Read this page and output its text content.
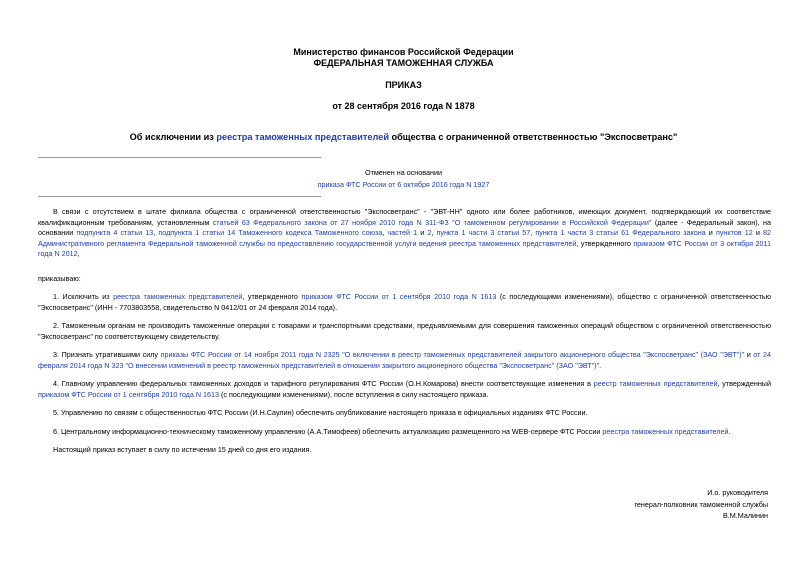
Министерство финансов Российской Федерации
ФЕДЕРАЛЬНАЯ ТАМОЖЕННАЯ СЛУЖБА
ПРИКАЗ
от 28 сентября 2016 года N 1878
Об исключении из реестра таможенных представителей общества с ограниченной ответственностью "Экспосветранс"
Отменен на основании
приказа ФТС России от 6 октября 2016 года N 1927

В связи с отсутствием в штате филиала общества с ограниченной ответственностью "Экспосветранс" - "ЭВТ-НН" одного или более работников, имеющих документ, подтверждающий их соответствие квалификационным требованиям, установленным статьей 63 Федерального закона от 27 ноября 2010 года N 311-ФЗ "О таможенном регулировании в Российской Федерации" (далее - Федеральный закон), на основании подпункта 4 статьи 13, подпункта 1 статьи 14 Таможенного кодекса Таможенного союза, частей 1 и 2, пункта 1 части 3 статьи 57, пункта 1 части 3 статьи 61 Федерального закона и пунктов 12 и 82 Административного регламента Федеральной таможенной службы по предоставлению государственной услуги ведения реестра таможенных представителей, утвержденного приказом ФТС России от 3 октября 2011 года N 2012,

приказываю:

1. Исключить из реестра таможенных представителей, утвержденного приказом ФТС России от 1 сентября 2010 года N 1613 (с последующими изменениями), общество с ограниченной ответственностью "Экспосветранс" (ИНН - 7703803558, свидетельство N 0412/01 от 24 февраля 2014 года).

2. Таможенным органам не производить таможенные операции с товарами и транспортными средствами, предъявляемыми для совершения таможенных операций обществом с ограниченной ответственностью "Экспосветранс" по соответствующему свидетельству.

3. Признать утратившими силу приказы ФТС России от 14 ноября 2011 года N 2325 "О включении в реестр таможенных представителей закрытого акционерного общества "Экспосветранс" (ЗАО "ЭВТ")" и от 24 февраля 2014 года N 323 "О внесении изменений в реестр таможенных представителей в отношении закрытого акционерного общества "Экспосветранс" (ЗАО "ЭВТ")".

4. Главному управлению федеральных таможенных доходов и тарифного регулирования ФТС России (О.Н.Комарова) внести соответствующие изменения в реестр таможенных представителей, утвержденный приказом ФТС России от 1 сентября 2010 года N 1613 (с последующими изменениями), после вступления в силу настоящего приказа.

5. Управлению по связям с общественностью ФТС России (И.Н.Саулин) обеспечить опубликование настоящего приказа в официальных изданиях ФТС России.

6. Центральному информационно-техническому таможенному управлению (А.А.Тимофеев) обеспечить актуализацию размещенного на WEB-сервере ФТС России реестра таможенных представителей.

Настоящий приказ вступает в силу по истечении 15 дней со дня его издания.

И.о. руководителя
генерал-полковник таможенной службы
В.М.Малинин
